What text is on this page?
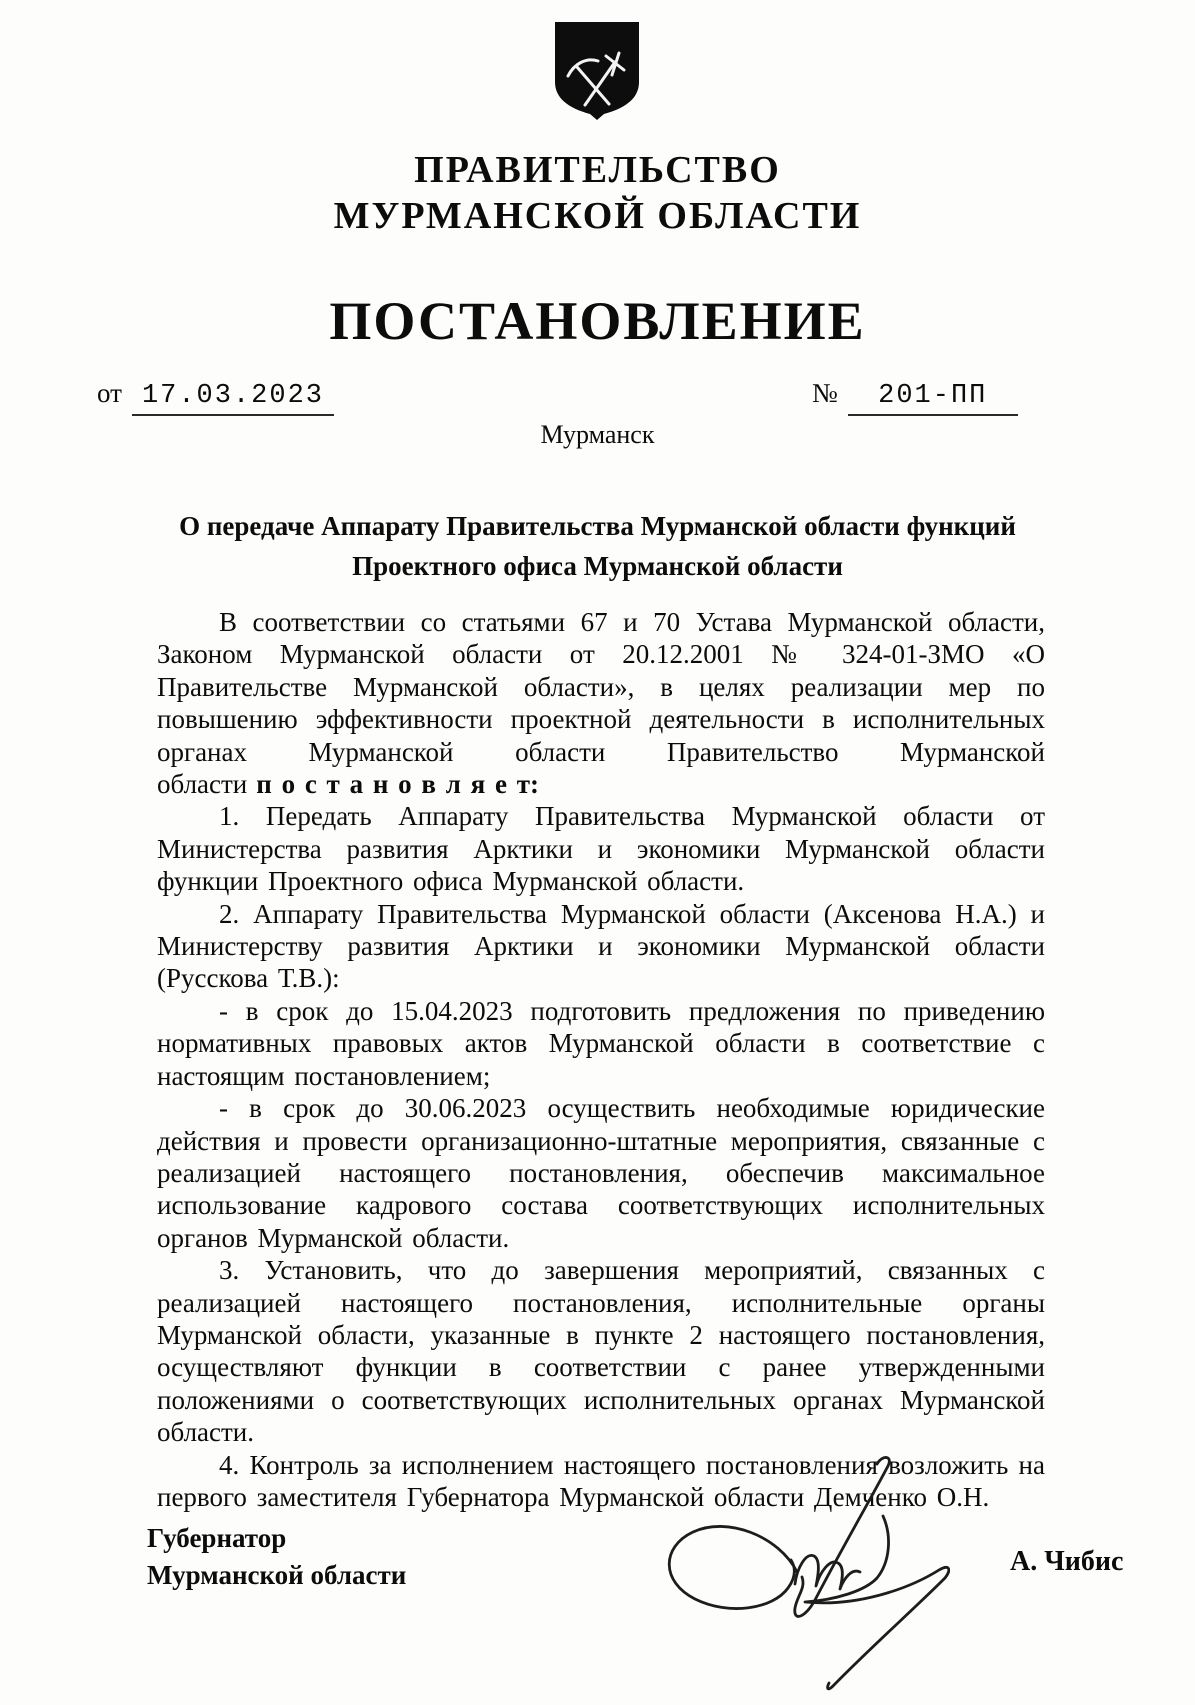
ПРАВИТЕЛЬСТВО
МУРМАНСКОЙ ОБЛАСТИ
ПОСТАНОВЛЕНИЕ
от 17.03.2023	№ 201-ПП
Мурманск
О передаче Аппарату Правительства Мурманской области функций Проектного офиса Мурманской области

В соответствии со статьями 67 и 70 Устава Мурманской области, Законом Мурманской области от 20.12.2001 № 324-01-ЗМО «О Правительстве Мурманской области», в целях реализации мер по повышению эффективности проектной деятельности в исполнительных органах Мурманской области Правительство Мурманской области п о с т а н о в л я е т:

1. Передать Аппарату Правительства Мурманской области от Министерства развития Арктики и экономики Мурманской области функции Проектного офиса Мурманской области.

2. Аппарату Правительства Мурманской области (Аксенова Н.А.) и Министерству развития Арктики и экономики Мурманской области (Русскова Т.В.):

- в срок до 15.04.2023 подготовить предложения по приведению нормативных правовых актов Мурманской области в соответствие с настоящим постановлением;

- в срок до 30.06.2023 осуществить необходимые юридические действия и провести организационно-штатные мероприятия, связанные с реализацией настоящего постановления, обеспечив максимальное использование кадрового состава соответствующих исполнительных органов Мурманской области.

3. Установить, что до завершения мероприятий, связанных с реализацией настоящего постановления, исполнительные органы Мурманской области, указанные в пункте 2 настоящего постановления, осуществляют функции в соответствии с ранее утвержденными положениями о соответствующих исполнительных органах Мурманской области.

4. Контроль за исполнением настоящего постановления возложить на первого заместителя Губернатора Мурманской области Демченко О.Н.

Губернатор
Мурманской области	А. Чибис
